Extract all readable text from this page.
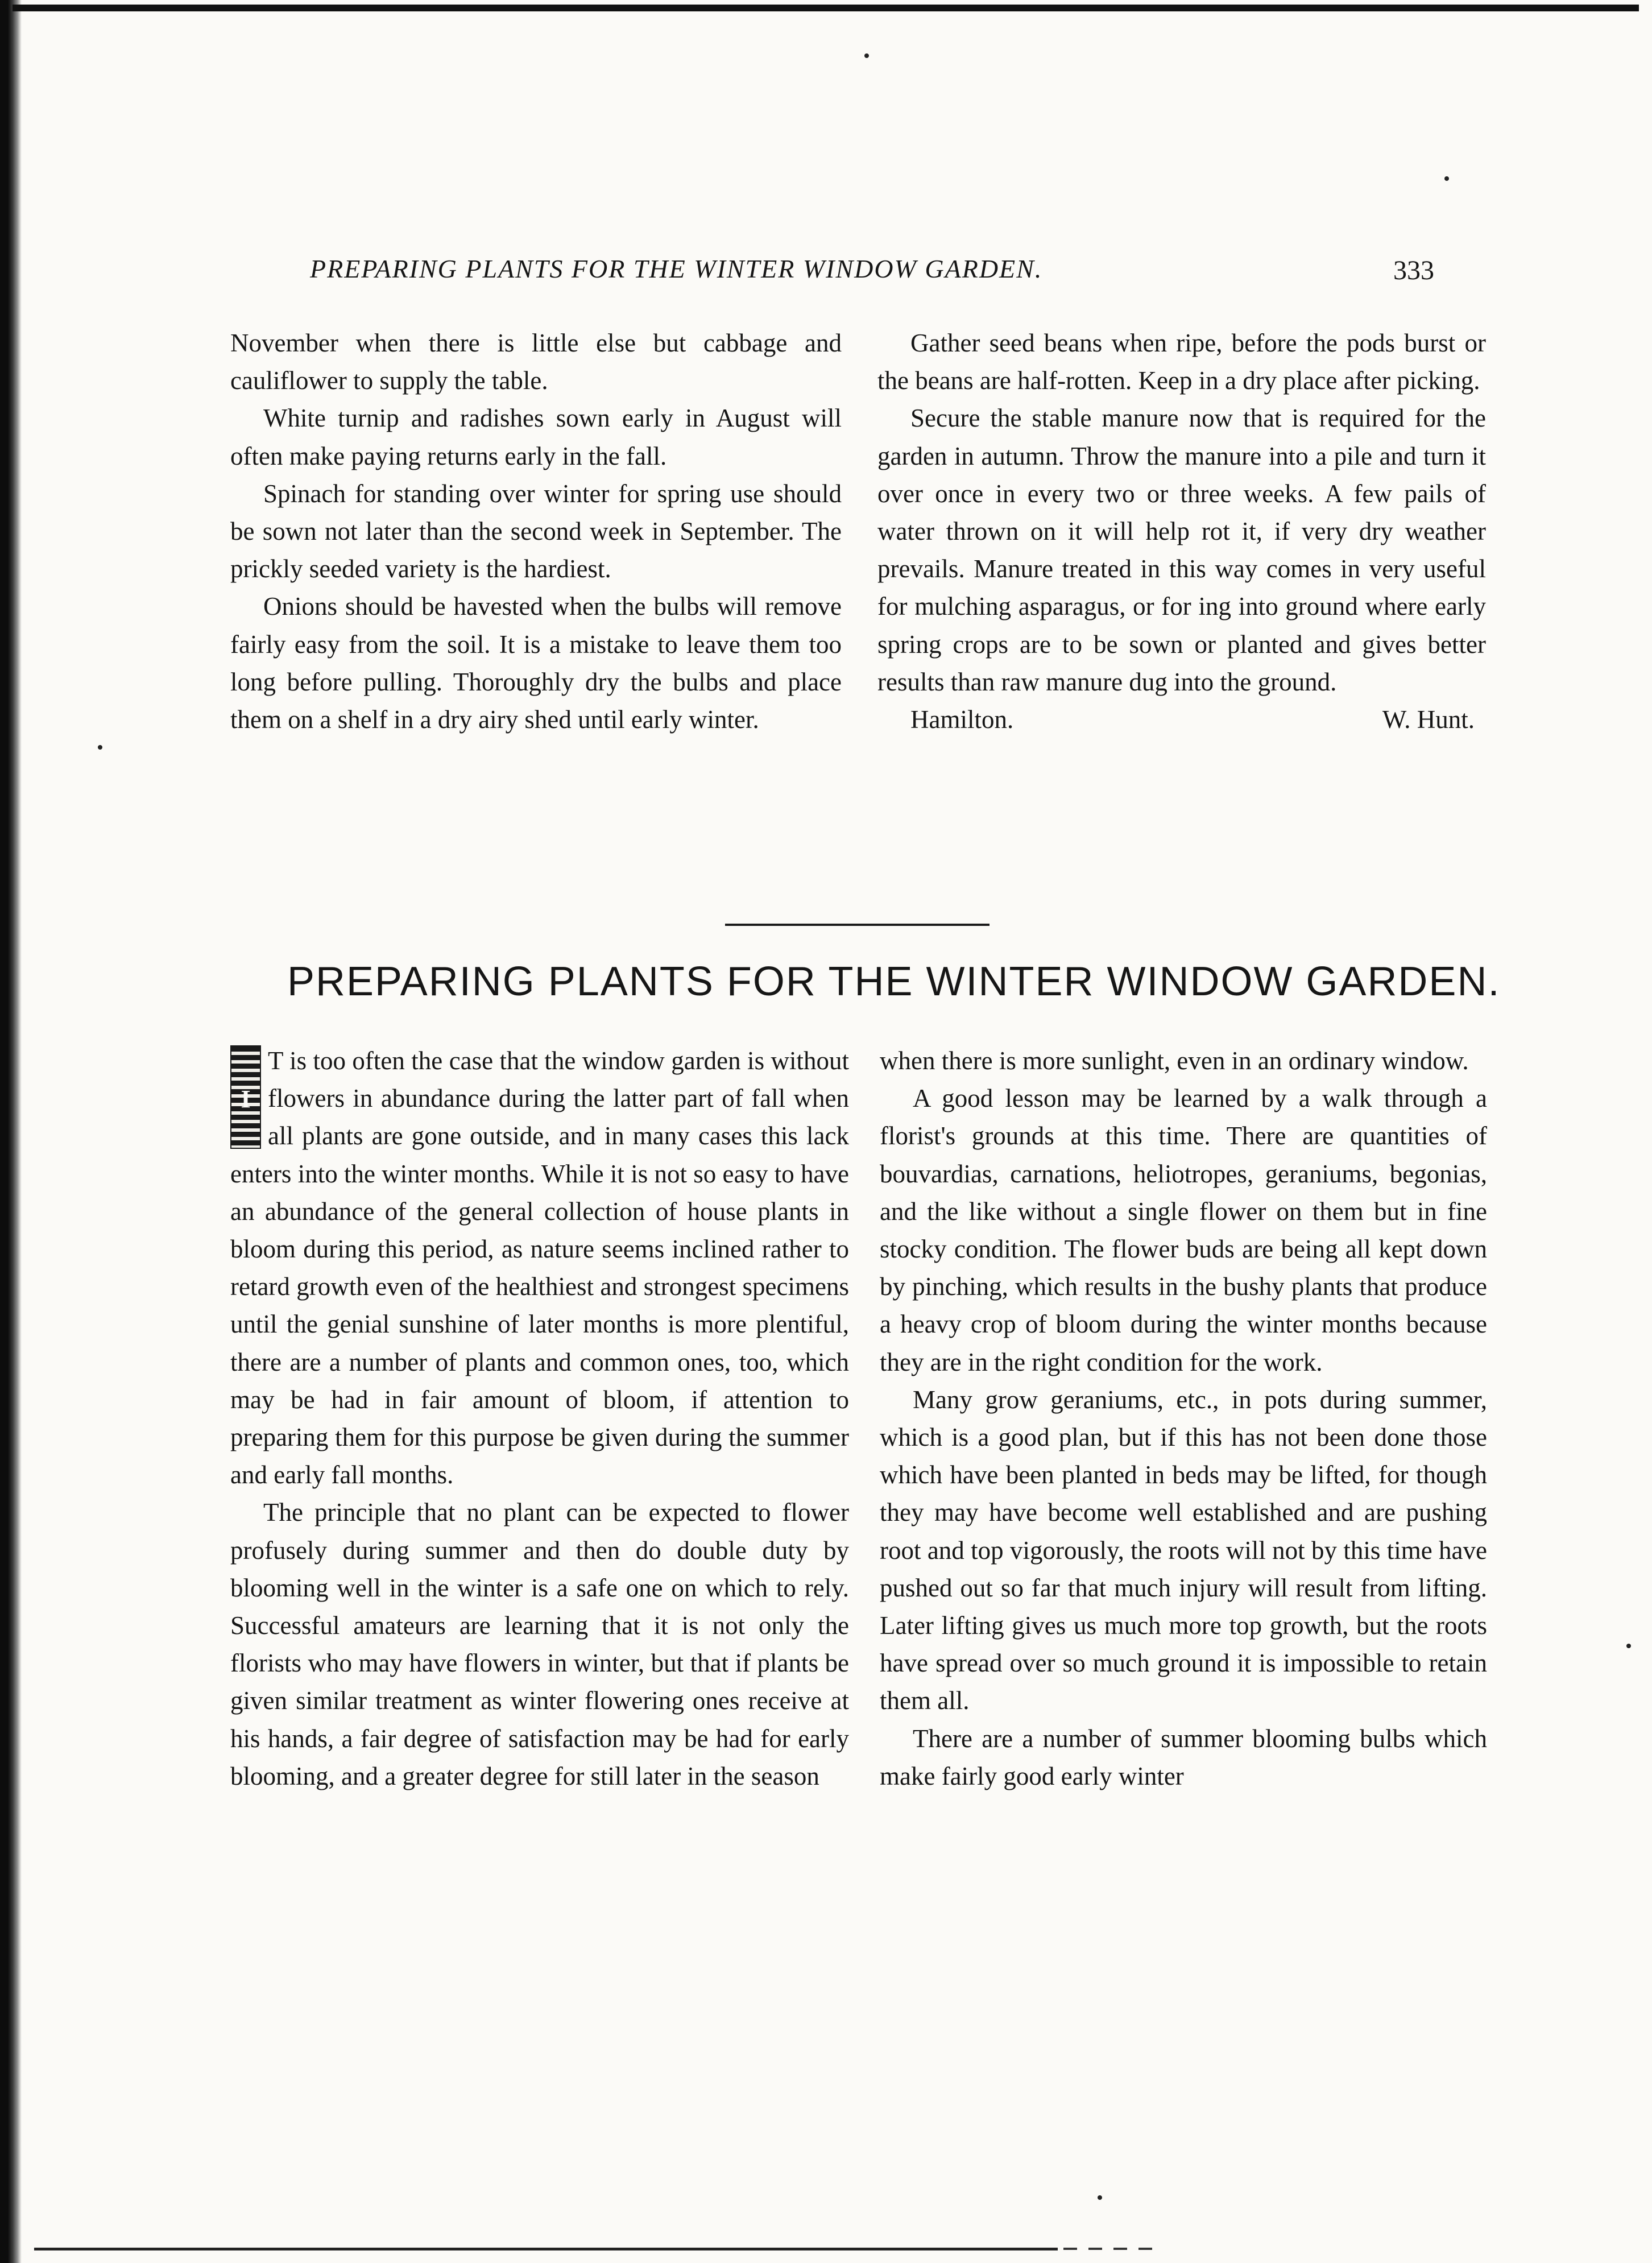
PREPARING PLANTS FOR THE WINTER WINDOW GARDEN.	333

November when there is little else but cabbage and cauliflower to supply the table.

White turnip and radishes sown early in August will often make paying returns early in the fall.

Spinach for standing over winter for spring use should be sown not later than the second week in September. The prickly seeded variety is the hardiest.

Onions should be havested when the bulbs will remove fairly easy from the soil. It is a mistake to leave them too long before pulling. Thoroughly dry the bulbs and place them on a shelf in a dry airy shed until early winter.

Gather seed beans when ripe, before the pods burst or the beans are half-rotten. Keep in a dry place after picking.

Secure the stable manure now that is required for the garden in autumn. Throw the manure into a pile and turn it over once in every two or three weeks. A few pails of water thrown on it will help rot it, if very dry weather prevails. Manure treated in this way comes in very useful for mulching asparagus, or for ing into ground where early spring crops are to be sown or planted and gives better results than raw manure dug into the ground.

Hamilton.	W. Hunt.
PREPARING PLANTS FOR THE WINTER WINDOW GARDEN.

I
T is too often the case that the window garden is without flowers in abundance during the latter part of fall when all plants are gone outside, and in many cases this lack enters into the winter months. While it is not so easy to have an abundance of the general collection of house plants in bloom during this period, as nature seems inclined rather to retard growth even of the healthiest and strongest specimens until the genial sunshine of later months is more plentiful, there are a number of plants and common ones, too, which may be had in fair amount of bloom, if attention to preparing them for this purpose be given during the summer and early fall months.

The principle that no plant can be expected to flower profusely during summer and then do double duty by blooming well in the winter is a safe one on which to rely. Successful amateurs are learning that it is not only the florists who may have flowers in winter, but that if plants be given similar treatment as winter flowering ones receive at his hands, a fair degree of satisfaction may be had for early blooming, and a greater degree for still later in the season

when there is more sunlight, even in an ordinary window.

A good lesson may be learned by a walk through a florist's grounds at this time. There are quantities of bouvardias, carnations, heliotropes, geraniums, begonias, and the like without a single flower on them but in fine stocky condition. The flower buds are being all kept down by pinching, which results in the bushy plants that produce a heavy crop of bloom during the winter months because they are in the right condition for the work.

Many grow geraniums, etc., in pots during summer, which is a good plan, but if this has not been done those which have been planted in beds may be lifted, for though they may have become well established and are pushing root and top vigorously, the roots will not by this time have pushed out so far that much injury will result from lifting. Later lifting gives us much more top growth, but the roots have spread over so much ground it is impossible to retain them all.

There are a number of summer blooming bulbs which make fairly good early winter
